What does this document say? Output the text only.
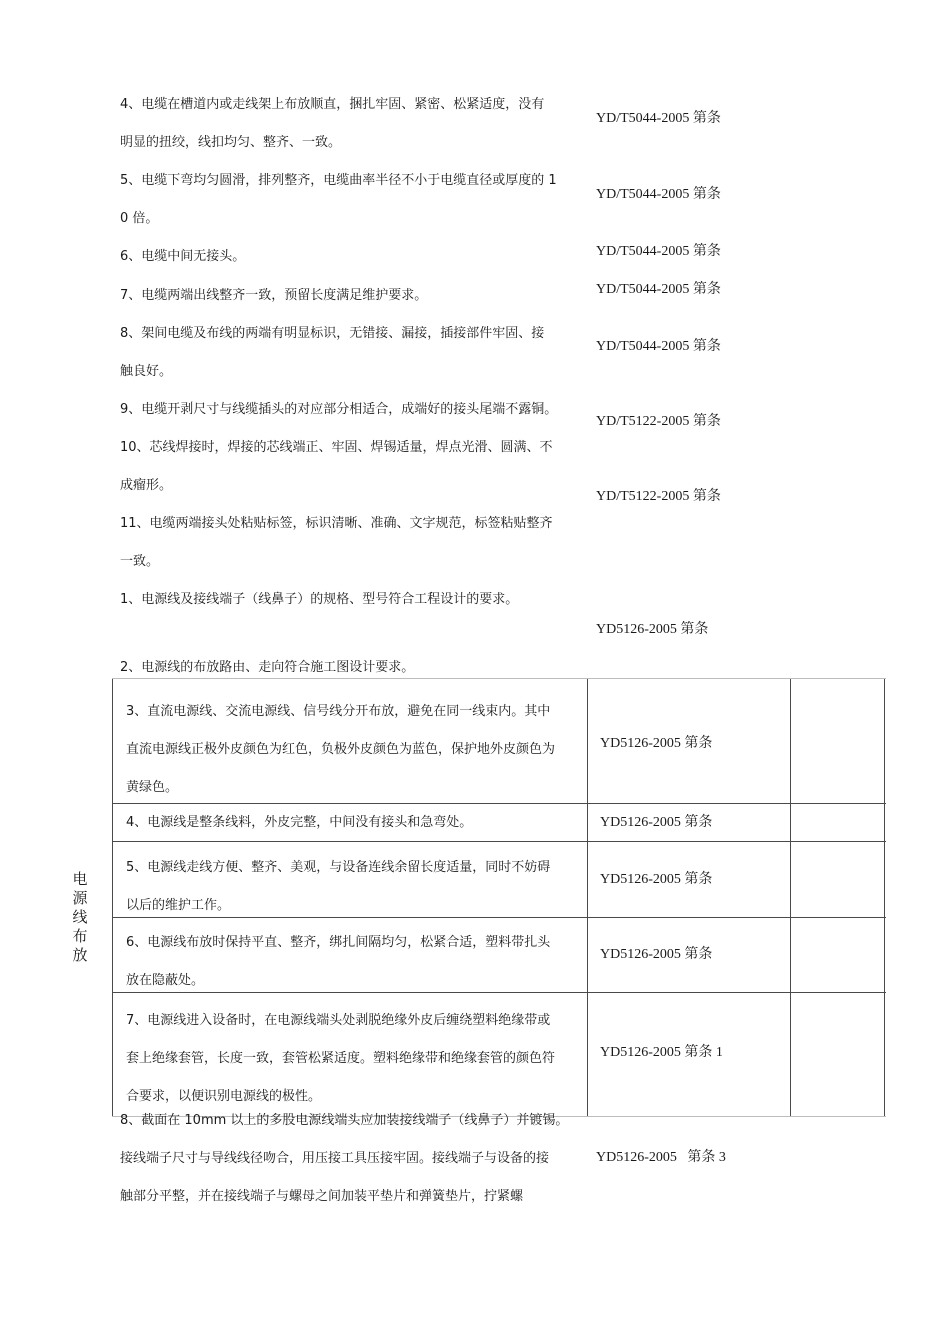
4、电缆在槽道内或走线架上布放顺直，捆扎牢固、紧密、松紧适度，没有
明显的扭绞，线扣均匀、整齐、一致。
YD/T5044-2005 第条
5、电缆下弯均匀圆滑，排列整齐，电缆曲率半径不小于电缆直径或厚度的 1
0 倍。
YD/T5044-2005 第条
6、电缆中间无接头。	YD/T5044-2005 第条
7、电缆两端出线整齐一致，预留长度满足维护要求。	YD/T5044-2005 第条
8、架间电缆及布线的两端有明显标识，无错接、漏接，插接部件牢固、接
触良好。
YD/T5044-2005 第条
9、电缆开剥尺寸与线缆插头的对应部分相适合，成端好的接头尾端不露铜。
YD/T5122-2005 第条
10、芯线焊接时，焊接的芯线端正、牢固、焊锡适量，焊点光滑、圆满、不
成瘤形。
YD/T5122-2005 第条
11、电缆两端接头处粘贴标签，标识清晰、准确、文字规范，标签粘贴整齐
一致。
1、电源线及接线端子（线鼻子）的规格、型号符合工程设计的要求。
YD5126-2005 第条
2、电源线的布放路由、走向符合施工图设计要求。
电
源
线
布
放
3、直流电源线、交流电源线、信号线分开布放，避免在同一线束内。其中
直流电源线正极外皮颜色为红色，负极外皮颜色为蓝色，保护地外皮颜色为
黄绿色。
YD5126-2005 第条
4、电源线是整条线料，外皮完整，中间没有接头和急弯处。	YD5126-2005 第条
5、电源线走线方便、整齐、美观，与设备连线余留长度适量，同时不妨碍
以后的维护工作。
YD5126-2005 第条
6、电源线布放时保持平直、整齐，绑扎间隔均匀，松紧合适，塑料带扎头
放在隐蔽处。
YD5126-2005 第条
7、电源线进入设备时，在电源线端头处剥脱绝缘外皮后缠绕塑料绝缘带或
套上绝缘套管，长度一致，套管松紧适度。塑料绝缘带和绝缘套管的颜色符
合要求，以便识别电源线的极性。
YD5126-2005 第条 1
8、截面在 10mm 以上的多股电源线端头应加装接线端子（线鼻子）并镀锡。
接线端子尺寸与导线线径吻合，用压接工具压接牢固。接线端子与设备的接
触部分平整，并在接线端子与螺母之间加装平垫片和弹簧垫片，拧紧螺
YD5126-2005   第条 3
